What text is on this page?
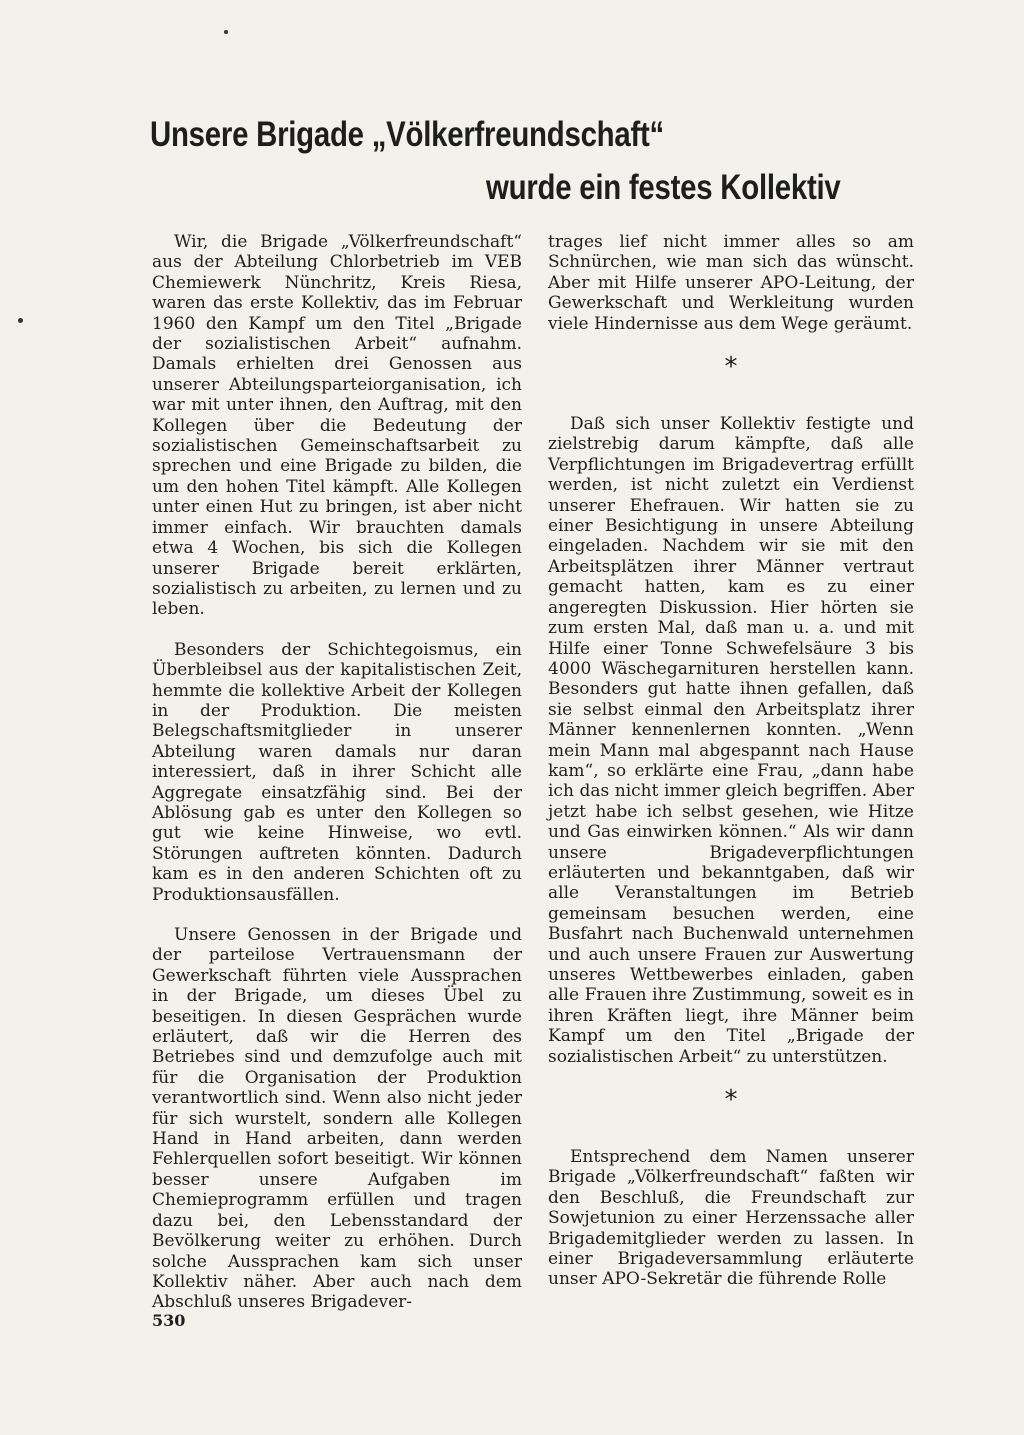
Unsere Brigade „Völkerfreundschaft“
wurde ein festes Kollektiv

Wir, die Brigade „Völkerfreundschaft“ aus der Abteilung Chlorbetrieb im VEB Chemiewerk Nünchritz, Kreis Riesa, waren das erste Kollektiv, das im Februar 1960 den Kampf um den Titel „Brigade der sozialistischen Arbeit“ aufnahm. Damals erhielten drei Genossen aus unserer Abteilungsparteiorganisation, ich war mit unter ihnen, den Auftrag, mit den Kollegen über die Bedeutung der sozialistischen Gemeinschaftsarbeit zu sprechen und eine Brigade zu bilden, die um den hohen Titel kämpft. Alle Kollegen unter einen Hut zu bringen, ist aber nicht immer einfach. Wir brauchten damals etwa 4 Wochen, bis sich die Kollegen unserer Brigade bereit erklärten, sozialistisch zu arbeiten, zu lernen und zu leben.

Besonders der Schichtegoismus, ein Überbleibsel aus der kapitalistischen Zeit, hemmte die kollektive Arbeit der Kollegen in der Produktion. Die meisten Belegschaftsmitglieder in unserer Abteilung waren damals nur daran interessiert, daß in ihrer Schicht alle Aggregate einsatzfähig sind. Bei der Ablösung gab es unter den Kollegen so gut wie keine Hinweise, wo evtl. Störungen auftreten könnten. Dadurch kam es in den anderen Schichten oft zu Produktionsausfällen.

Unsere Genossen in der Brigade und der parteilose Vertrauensmann der Gewerkschaft führten viele Aussprachen in der Brigade, um dieses Übel zu beseitigen. In diesen Gesprächen wurde erläutert, daß wir die Herren des Betriebes sind und demzufolge auch mit für die Organisation der Produktion verantwortlich sind. Wenn also nicht jeder für sich wurstelt, sondern alle Kollegen Hand in Hand arbeiten, dann werden Fehlerquellen sofort beseitigt. Wir können besser unsere Aufgaben im Chemieprogramm erfüllen und tragen dazu bei, den Lebensstandard der Bevölkerung weiter zu erhöhen. Durch solche Aussprachen kam sich unser Kollektiv näher. Aber auch nach dem Abschluß unseres Brigadever-

trages lief nicht immer alles so am Schnürchen, wie man sich das wünscht. Aber mit Hilfe unserer APO-Leitung, der Gewerkschaft und Werkleitung wurden viele Hindernisse aus dem Wege geräumt.

*

Daß sich unser Kollektiv festigte und zielstrebig darum kämpfte, daß alle Verpflichtungen im Brigadevertrag erfüllt werden, ist nicht zuletzt ein Verdienst unserer Ehefrauen. Wir hatten sie zu einer Besichtigung in unsere Abteilung eingeladen. Nachdem wir sie mit den Arbeitsplätzen ihrer Männer vertraut gemacht hatten, kam es zu einer angeregten Diskussion. Hier hörten sie zum ersten Mal, daß man u. a. und mit Hilfe einer Tonne Schwefelsäure 3 bis 4000 Wäschegarnituren herstellen kann. Besonders gut hatte ihnen gefallen, daß sie selbst einmal den Arbeitsplatz ihrer Männer kennenlernen konnten. „Wenn mein Mann mal abgespannt nach Hause kam“, so erklärte eine Frau, „dann habe ich das nicht immer gleich begriffen. Aber jetzt habe ich selbst gesehen, wie Hitze und Gas einwirken können.“ Als wir dann unsere Brigadeverpflichtungen erläuterten und bekanntgaben, daß wir alle Veranstaltungen im Betrieb gemeinsam besuchen werden, eine Busfahrt nach Buchenwald unternehmen und auch unsere Frauen zur Auswertung unseres Wettbewerbes einladen, gaben alle Frauen ihre Zustimmung, soweit es in ihren Kräften liegt, ihre Männer beim Kampf um den Titel „Brigade der sozialistischen Arbeit“ zu unterstützen.

*

Entsprechend dem Namen unserer Brigade „Völkerfreundschaft“ faßten wir den Beschluß, die Freundschaft zur Sowjetunion zu einer Herzenssache aller Brigademitglieder werden zu lassen. In einer Brigadeversammlung erläuterte unser APO-Sekretär die führende Rolle

530
